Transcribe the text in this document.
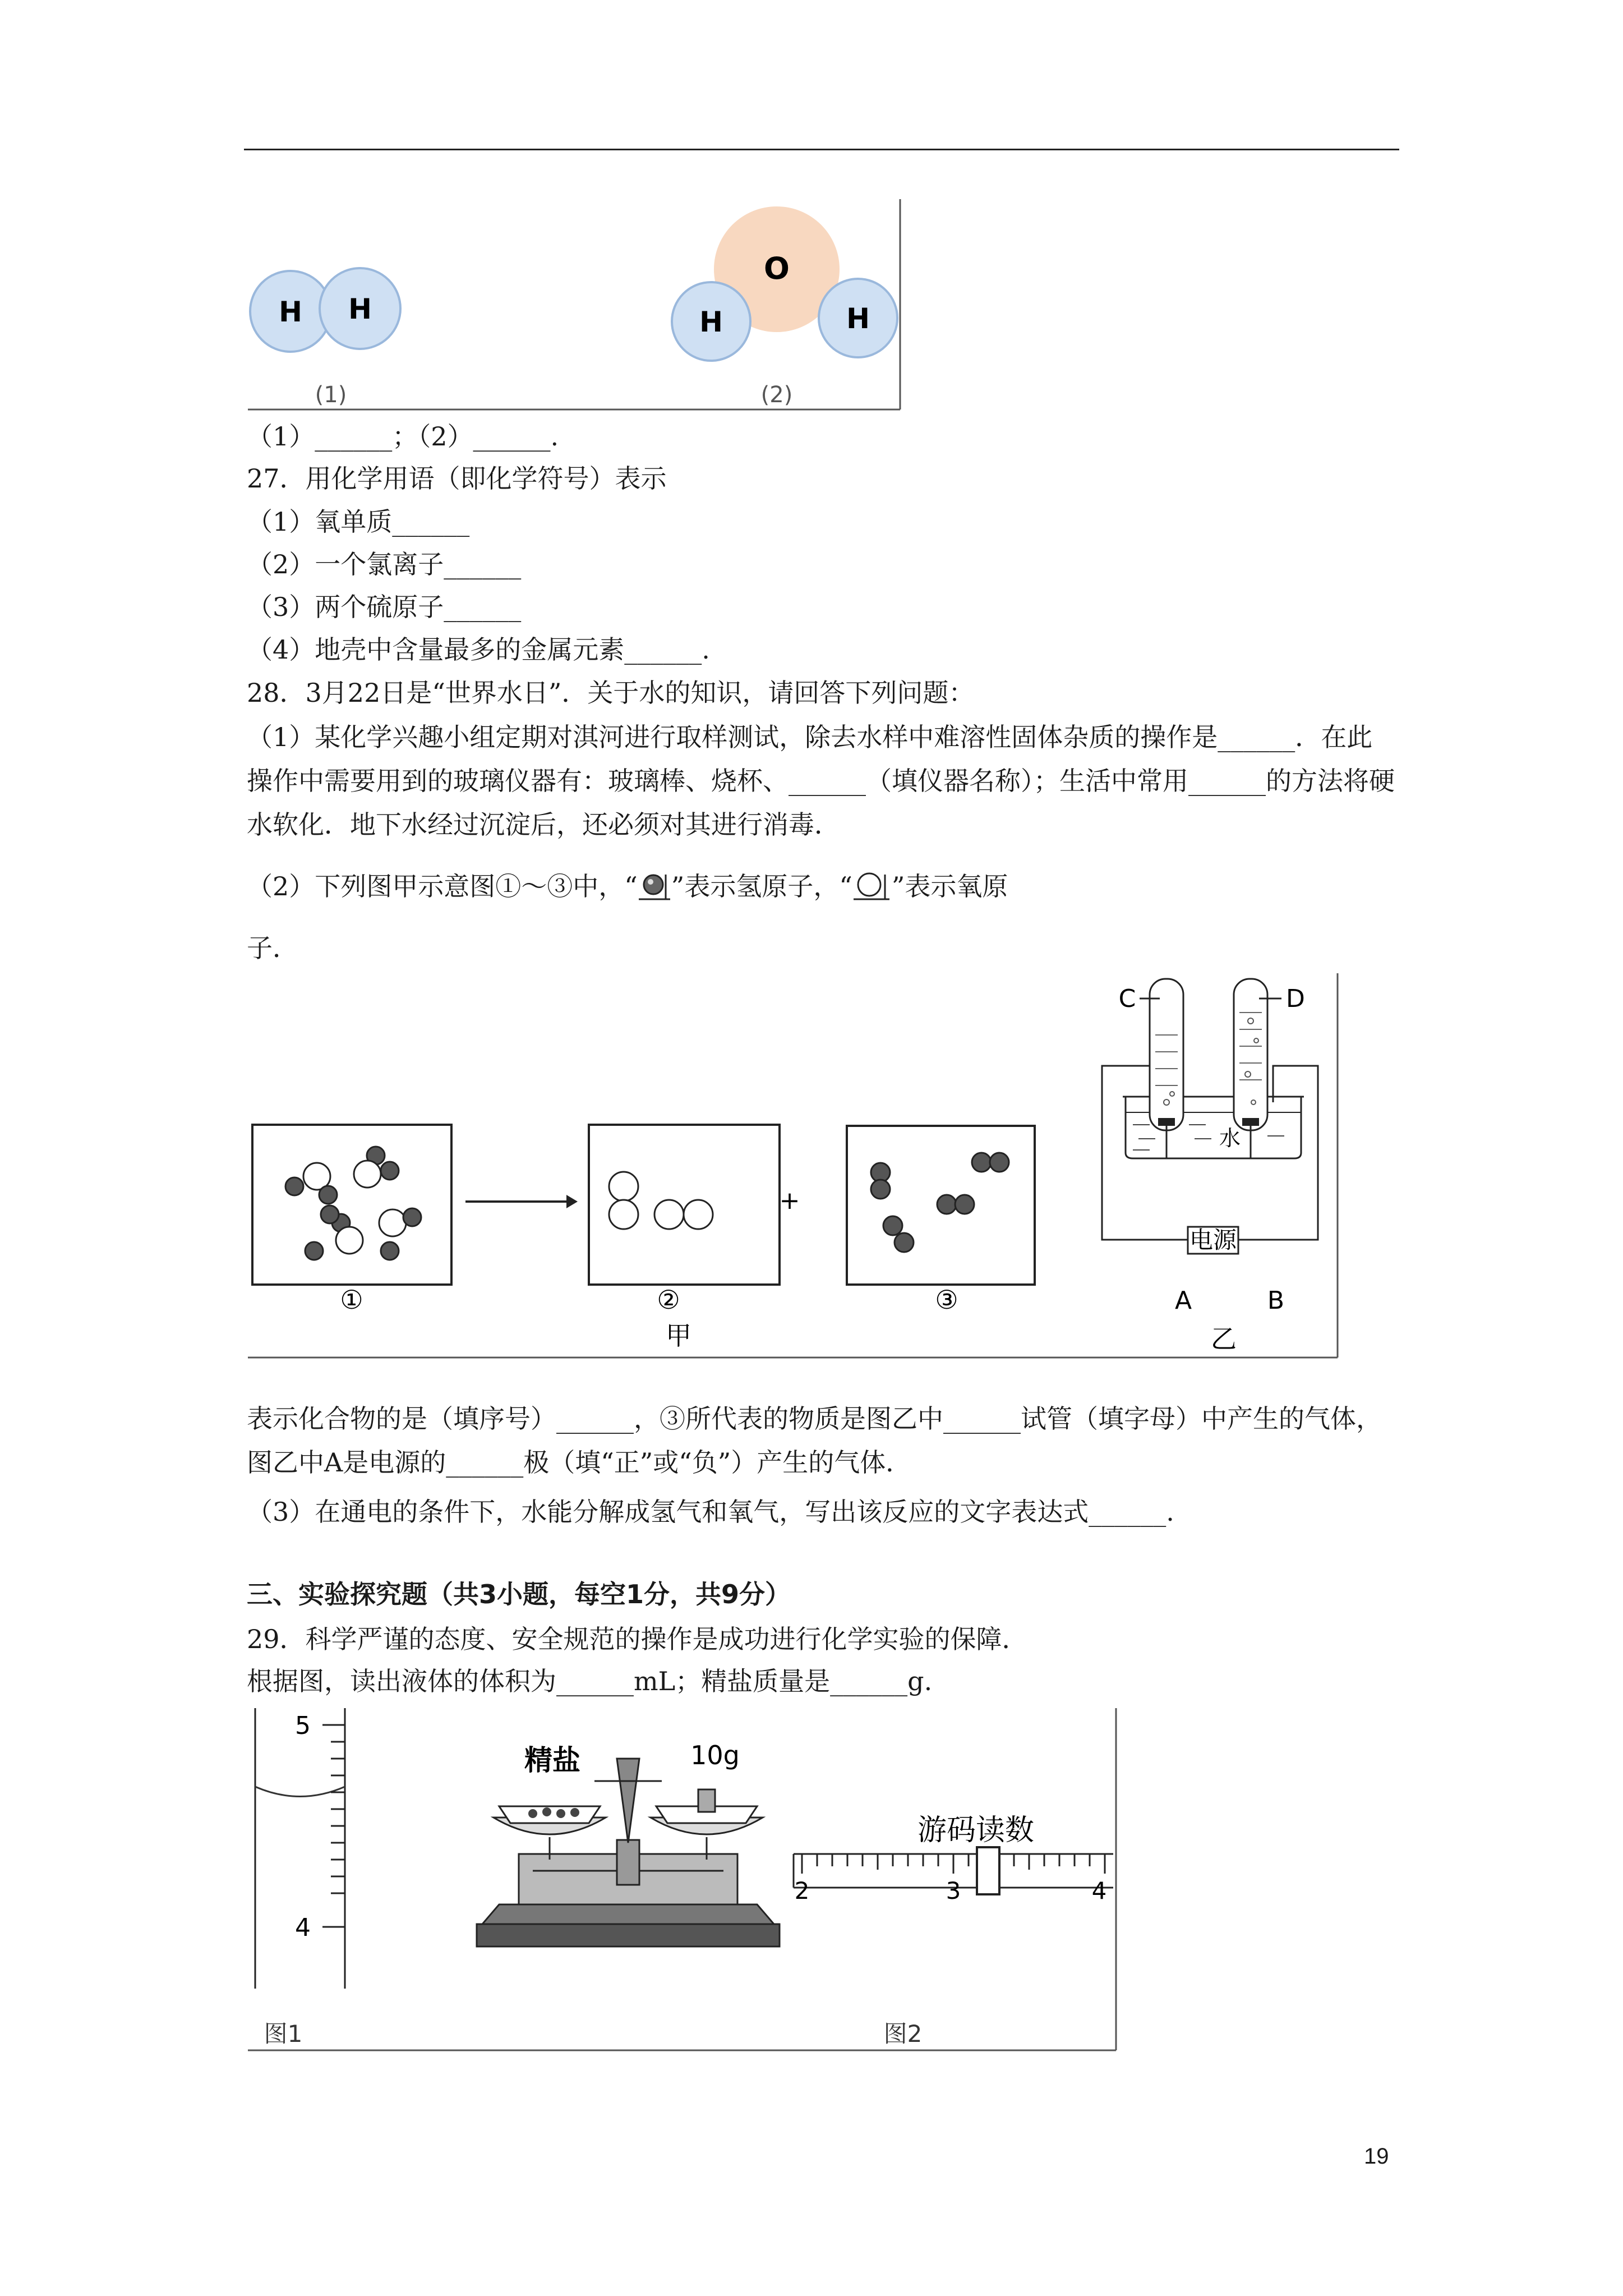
H H
O
H	H
(1)	(2)
（1）______；（2）______.
27．用化学用语（即化学符号）表示
（1）氧单质______
（2）一个氯离子______
（3）两个硫原子______
（4）地壳中含量最多的金属元素______.
28．3月22日是“世界水日”．关于水的知识，请回答下列问题：
（1）某化学兴趣小组定期对淇河进行取样测试，除去水样中难溶性固体杂质的操作是______．在此操作中需要用到的玻璃仪器有：玻璃棒、烧杯、______（填仪器名称）；生活中常用______的方法将硬水软化．地下水经过沉淀后，还必须对其进行消毒．
（2）下列图甲示意图①～③中，“ ”表示氢原子，“ ”表示氧原
子．
+
①	②	③
甲
电源
水
C	D
A	B
乙
表示化合物的是（填序号）______，③所代表的物质是图乙中______试管（填字母）中产生的气体，图乙中A是电源的______极（填“正”或“负”）产生的气体．
（3）在通电的条件下，水能分解成氢气和氧气，写出该反应的文字表达式______.
三、实验探究题（共3小题，每空1分，共9分）
29．科学严谨的态度、安全规范的操作是成功进行化学实验的保障．
根据图，读出液体的体积为______mL；精盐质量是______g.
5
4
图1
精盐	10g
2	3	4
游码读数
图2
19
